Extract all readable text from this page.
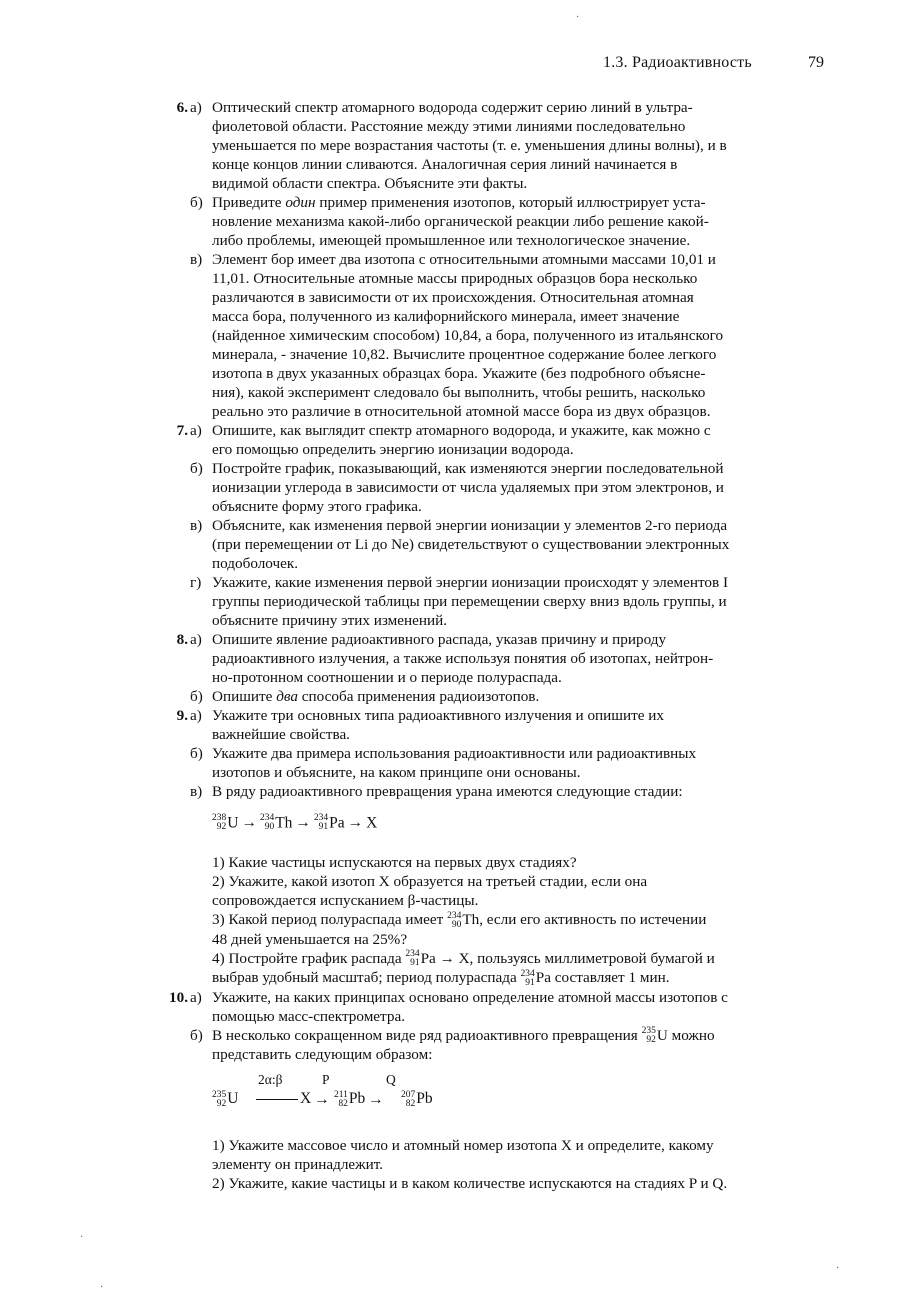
·
·
·
·
1.3. Радиоактивность	79
6. а) Оптический спектр атомарного водорода содержит серию линий в ультра-
фиолетовой области. Расстояние между этими линиями последовательно
уменьшается по мере возрастания частоты (т. е. уменьшения длины волны), и в
конце концов линии сливаются. Аналогичная серия линий начинается в
видимой области спектра. Объясните эти факты.
б) Приведите один пример применения изотопов, который иллюстрирует уста-
новление механизма какой-либо органической реакции либо решение какой-
либо проблемы, имеющей промышленное или технологическое значение.
в) Элемент бор имеет два изотопа с относительными атомными массами 10,01 и
11,01. Относительные атомные массы природных образцов бора несколько
различаются в зависимости от их происхождения. Относительная атомная
масса бора, полученного из калифорнийского минерала, имеет значение
(найденное химическим способом) 10,84, а бора, полученного из итальянского
минерала, - значение 10,82. Вычислите процентное содержание более легкого
изотопа в двух указанных образцах бора. Укажите (без подробного объясне-
ния), какой эксперимент следовало бы выполнить, чтобы решить, насколько
реально это различие в относительной атомной массе бора из двух образцов.
7. а) Опишите, как выглядит спектр атомарного водорода, и укажите, как можно с
его помощью определить энергию ионизации водорода.
б) Постройте график, показывающий, как изменяются энергии последовательной
ионизации углерода в зависимости от числа удаляемых при этом электронов, и
объясните форму этого графика.
в) Объясните, как изменения первой энергии ионизации у элементов 2-го периода
(при перемещении от Li до Ne) свидетельствуют о существовании электронных
подоболочек.
г) Укажите, какие изменения первой энергии ионизации происходят у элементов I
группы периодической таблицы при перемещении сверху вниз вдоль группы, и
объясните причину этих изменений.
8. а) Опишите явление радиоактивного распада, указав причину и природу
радиоактивного излучения, а также используя понятия об изотопах, нейтрон-
но-протонном соотношении и о периоде полураспада.
б) Опишите два способа применения радиоизотопов.
9. а) Укажите три основных типа радиоактивного излучения и опишите их
важнейшие свойства.
б) Укажите два примера использования радиоактивности или радиоактивных
изотопов и объясните, на каком принципе они основаны.
в) В ряду радиоактивного превращения урана имеются следующие стадии:
238
92 U → 234
90 Th → 234
91 Pa → X
1) Какие частицы испускаются на первых двух стадиях?
2) Укажите, какой изотоп X образуется на третьей стадии, если она
сопровождается испусканием β-частицы.
3) Какой период полураспада имеет 234
90 Th, если его активность по истечении
48 дней уменьшается на 25%?
4) Постройте график распада 234
91 Pa → X, пользуясь миллиметровой бумагой и
выбрав удобный масштаб; период полураспада 234
91 Pa составляет 1 мин.
10. а) Укажите, на каких принципах основано определение атомной массы изотопов с
помощью масс-спектрометра.
б) В несколько сокращенном виде ряд радиоактивного превращения 235
92 U можно
представить следующим образом:
2α:β	P	Q
235
92 U	X → 211
82 Pb →	207
82 Pb
1) Укажите массовое число и атомный номер изотопа X и определите, какому
элементу он принадлежит.
2) Укажите, какие частицы и в каком количестве испускаются на стадиях P и Q.
